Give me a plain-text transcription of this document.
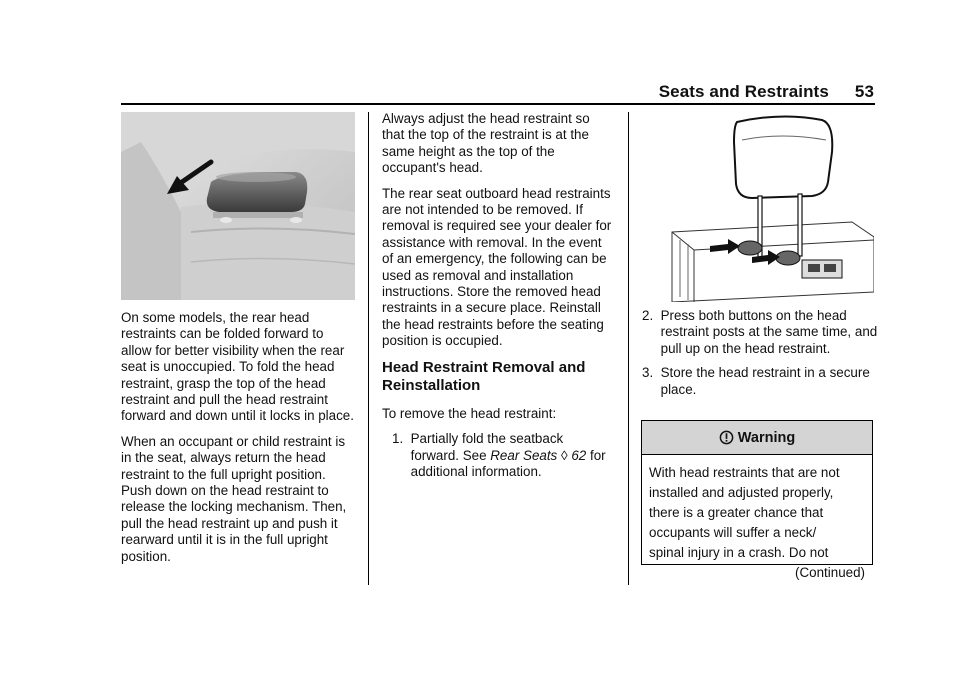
Seats and Restraints 53

On some models, the rear head restraints can be folded forward to allow for better visibility when the rear seat is unoccupied. To fold the head restraint, grasp the top of the head restraint and pull the head restraint forward and down until it locks in place.

When an occupant or child restraint is in the seat, always return the head restraint to the full upright position. Push down on the head restraint to release the locking mechanism. Then, pull the head restraint up and push it rearward until it is in the full upright position.

Always adjust the head restraint so that the top of the restraint is at the same height as the top of the occupant's head.

The rear seat outboard head restraints are not intended to be removed. If removal is required see your dealer for assistance with removal. In the event of an emergency, the following can be used as removal and installation instructions. Store the removed head restraints in a secure place. Reinstall the head restraints before the seating position is occupied.

Head Restraint Removal and Reinstallation

To remove the head restraint:

1.
Partially fold the seatback forward. See Rear Seats ◊ 62 for additional information.
2.
Press both buttons on the head restraint posts at the same time, and pull up on the head restraint.
3.
Store the head restraint in a secure place.
Warning
With head restraints that are not
installed and adjusted properly,
there is a greater chance that
occupants will suffer a neck/
spinal injury in a crash. Do not
(Continued)
